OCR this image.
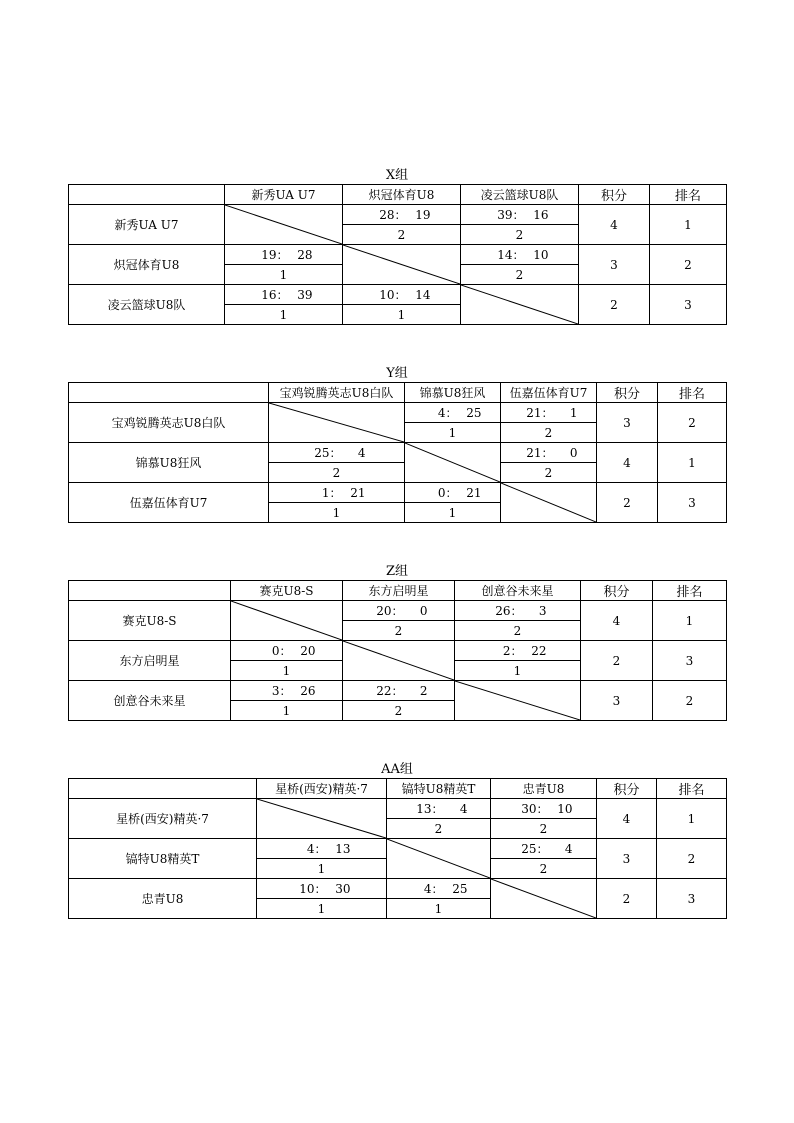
X组
	新秀UA U7	炽冠体育U8	凌云篮球U8队	积分	排名
新秀UA U7		28： 19	39： 16	4	1
		2	2		
炽冠体育U8	19： 28		14： 10	3	2
	1		2		
凌云篮球U8队	16： 39	10： 14		2	3
	1	1			
Y组
	宝鸡锐腾英志U8白队	锦慕U8狂风	伍嘉伍体育U7	积分	排名
宝鸡锐腾英志U8白队		4： 25	21： 1	3	2
		1	2		
锦慕U8狂风	25： 4		21： 0	4	1
	2		2		
伍嘉伍体育U7	1： 21	0： 21		2	3
	1	1			
Z组
	赛克U8-S	东方启明星	创意谷未来星	积分	排名
赛克U8-S		20： 0	26： 3	4	1
		2	2		
东方启明星	0： 20		2： 22	2	3
	1		1		
创意谷未来星	3： 26	22： 2		3	2
	1	2			
AA组
	星桥(西安)精英·7	镐特U8精英T	忠青U8	积分	排名
星桥(西安)精英·7		13： 4	30： 10	4	1
		2	2		
镐特U8精英T	4： 13		25： 4	3	2
	1		2		
忠青U8	10： 30	4： 25		2	3
	1	1			
